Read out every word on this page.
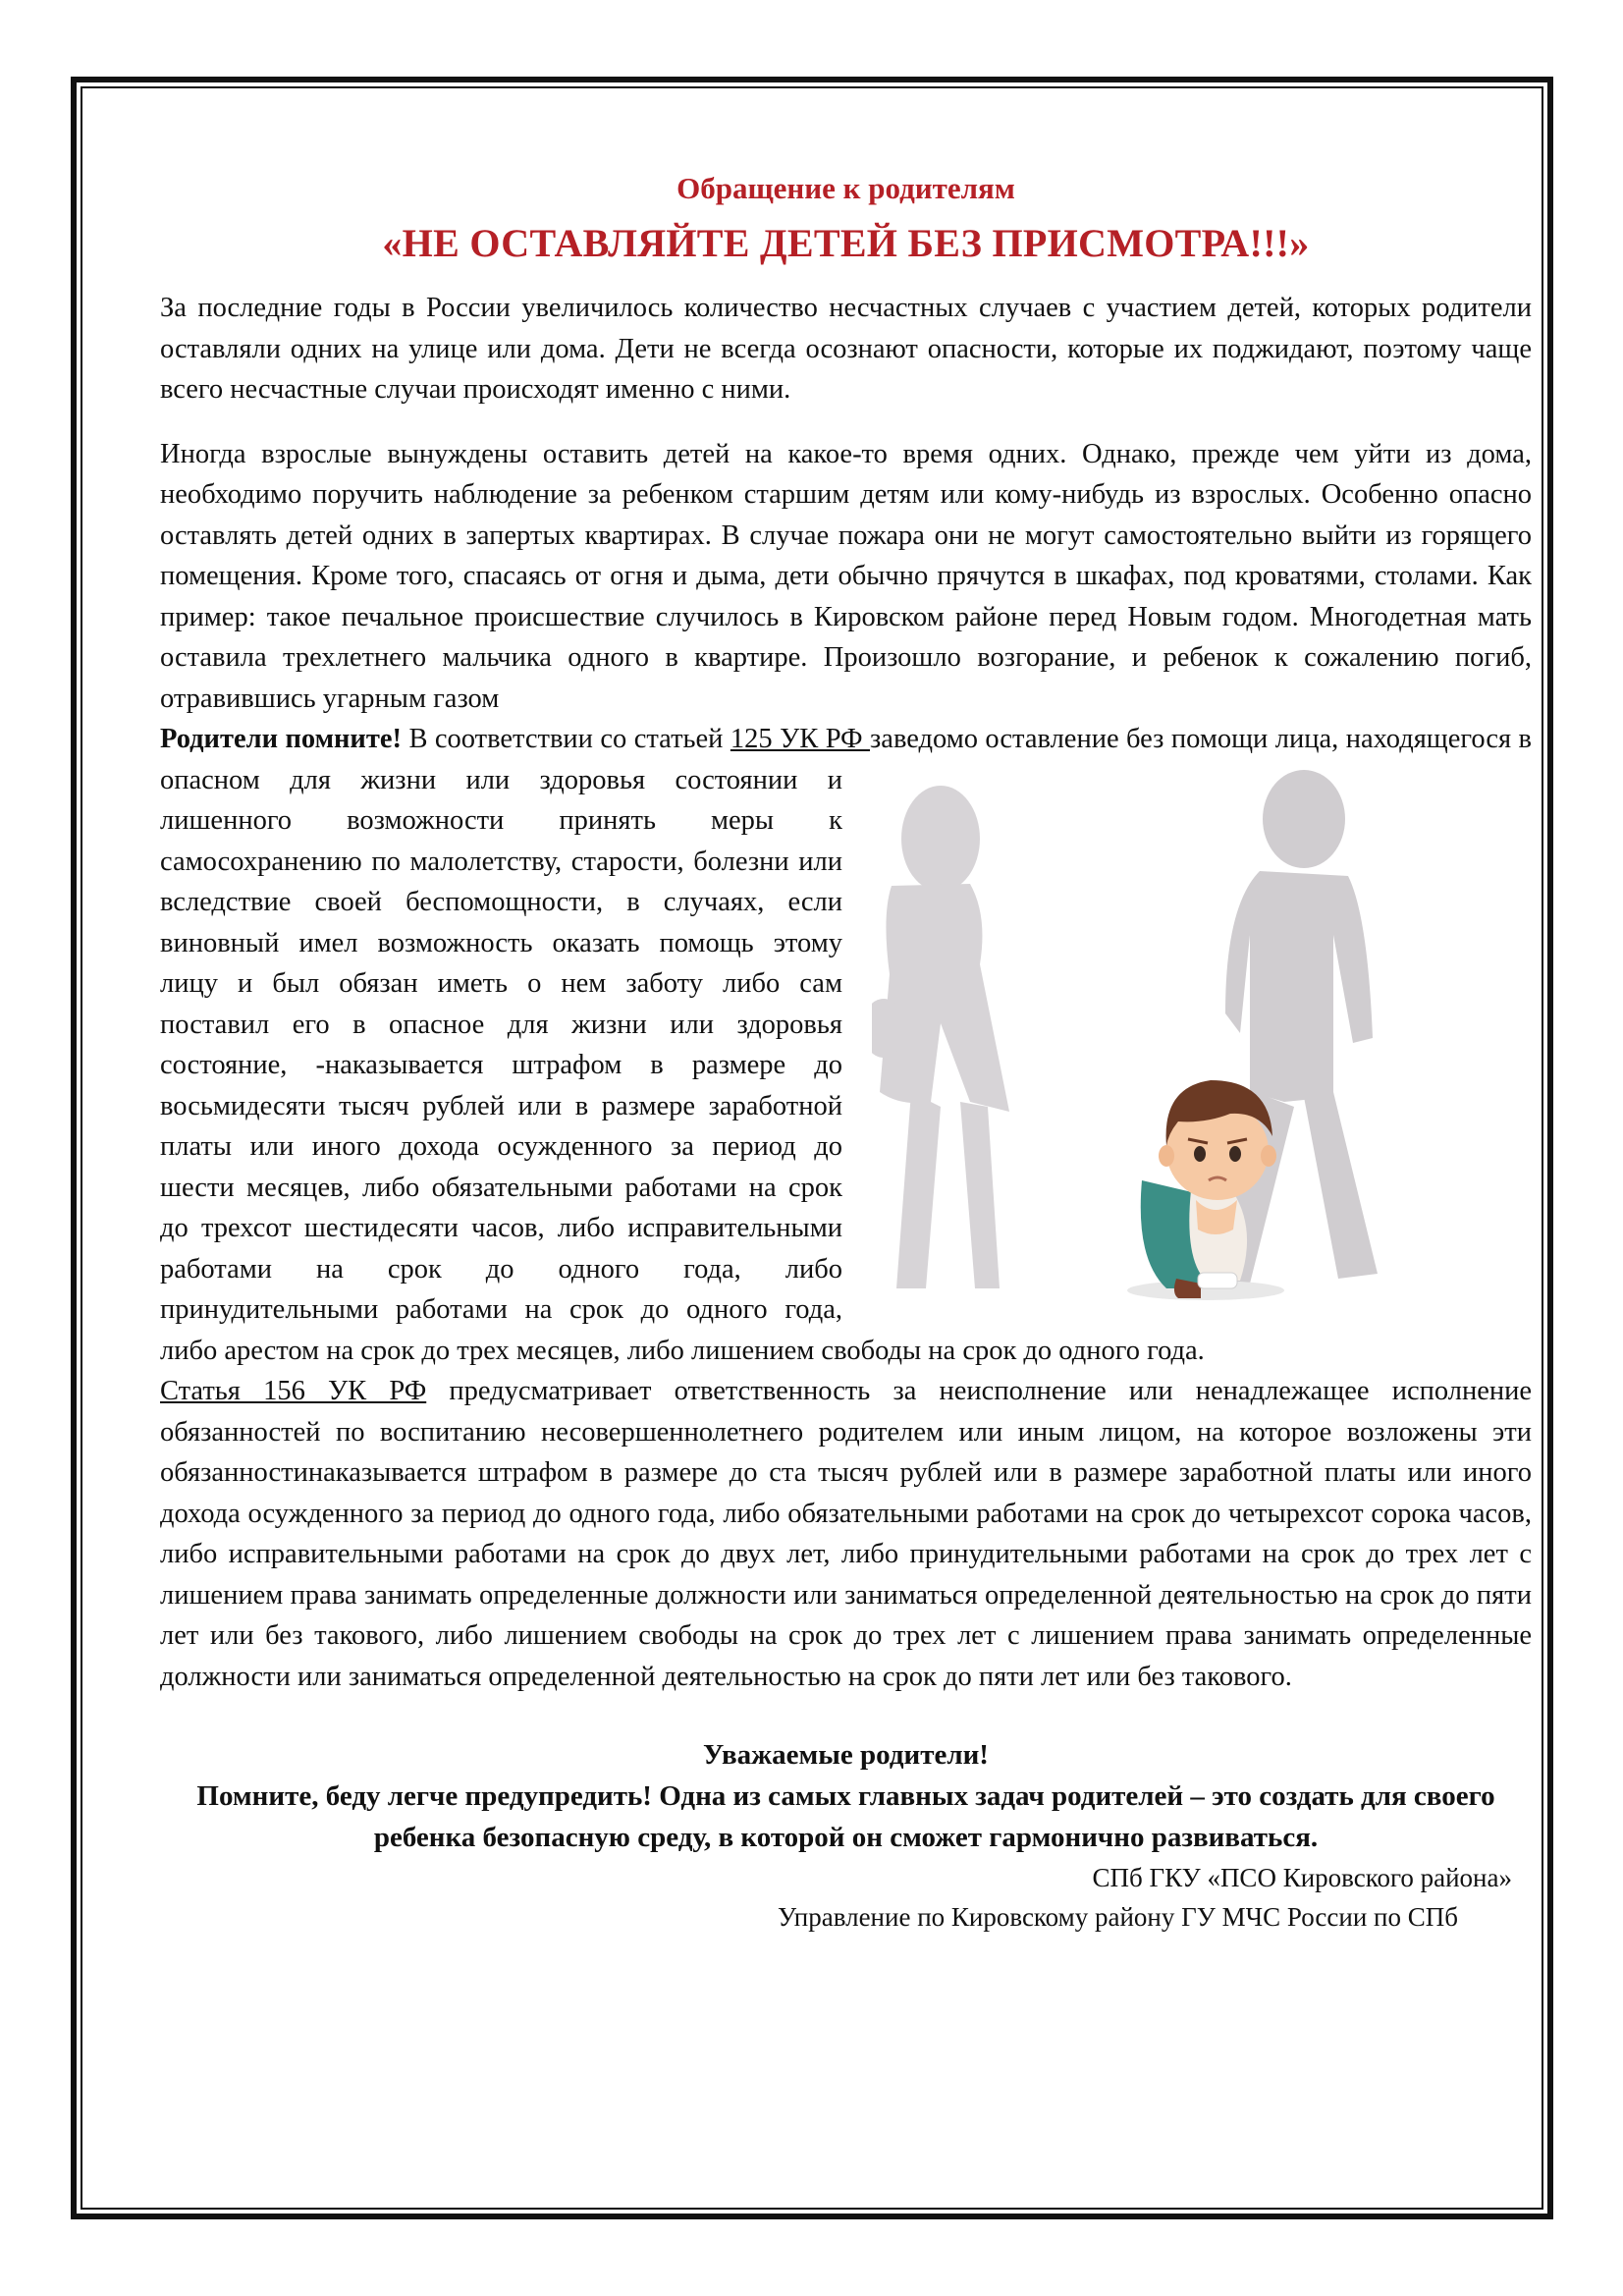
Обращение к родителям
«НЕ ОСТАВЛЯЙТЕ ДЕТЕЙ БЕЗ ПРИСМОТРА!!!»

За последние годы в России увеличилось количество несчастных случаев с участием детей, которых родители оставляли одних на улице или дома. Дети не всегда осознают опасности, которые их поджидают, поэтому чаще всего несчастные случаи происходят именно с ними.

Иногда взрослые вынуждены оставить детей на какое-то время одних. Однако, прежде чем уйти из дома, необходимо поручить наблюдение за ребенком старшим детям или кому-нибудь из взрослых. Особенно опасно оставлять детей одних в запертых квартирах. В случае пожара они не могут самостоятельно выйти из горящего помещения. Кроме того, спасаясь от огня и дыма, дети обычно прячутся в шкафах, под кроватями, столами. Как пример: такое печальное происшествие случилось в Кировском районе перед Новым годом. Многодетная мать оставила трехлетнего мальчика одного в квартире. Произошло возгорание, и ребенок к сожалению погиб, отравившись угарным газом

Родители помните! В соответствии со статьей 125 УК РФ
заведомо оставление без помощи лица, находящегося в опасном для жизни или здоровья состоянии и лишенного возможности принять меры к самосохранению по малолетству, старости, болезни или вследствие своей беспомощности, в случаях, если виновный имел возможность оказать помощь этому лицу и был обязан иметь о нем заботу либо сам поставил его в опасное для жизни или здоровья состояние, -наказывается штрафом в размере до восьмидесяти тысяч рублей или в размере заработной платы или иного дохода осужденного за период до шести месяцев, либо обязательными работами на срок до трехсот шестидесяти часов, либо исправительными работами на срок до одного года, либо принудительными работами на срок до одного года, либо арестом на срок до трех месяцев, либо лишением свободы на срок до одного года.

Статья 156 УК РФ предусматривает ответственность за неисполнение или ненадлежащее исполнение обязанностей по воспитанию несовершеннолетнего родителем или иным лицом, на которое возложены эти обязанностинаказывается штрафом в размере до ста тысяч рублей или в размере заработной платы или иного дохода осужденного за период до одного года, либо обязательными работами на срок до четырехсот сорока часов, либо исправительными работами на срок до двух лет, либо принудительными работами на срок до трех лет с лишением права занимать определенные должности или заниматься определенной деятельностью на срок до пяти лет или без такового, либо лишением свободы на срок до трех лет с лишением права занимать определенные должности или заниматься определенной деятельностью на срок до пяти лет или без такового.

Уважаемые родители!
Помните, беду легче предупредить! Одна из самых главных задач родителей – это создать для своего ребенка безопасную среду, в которой он сможет гармонично развиваться.
СПб ГКУ «ПСО Кировского района»
Управление по Кировскому району ГУ МЧС России по СПб
